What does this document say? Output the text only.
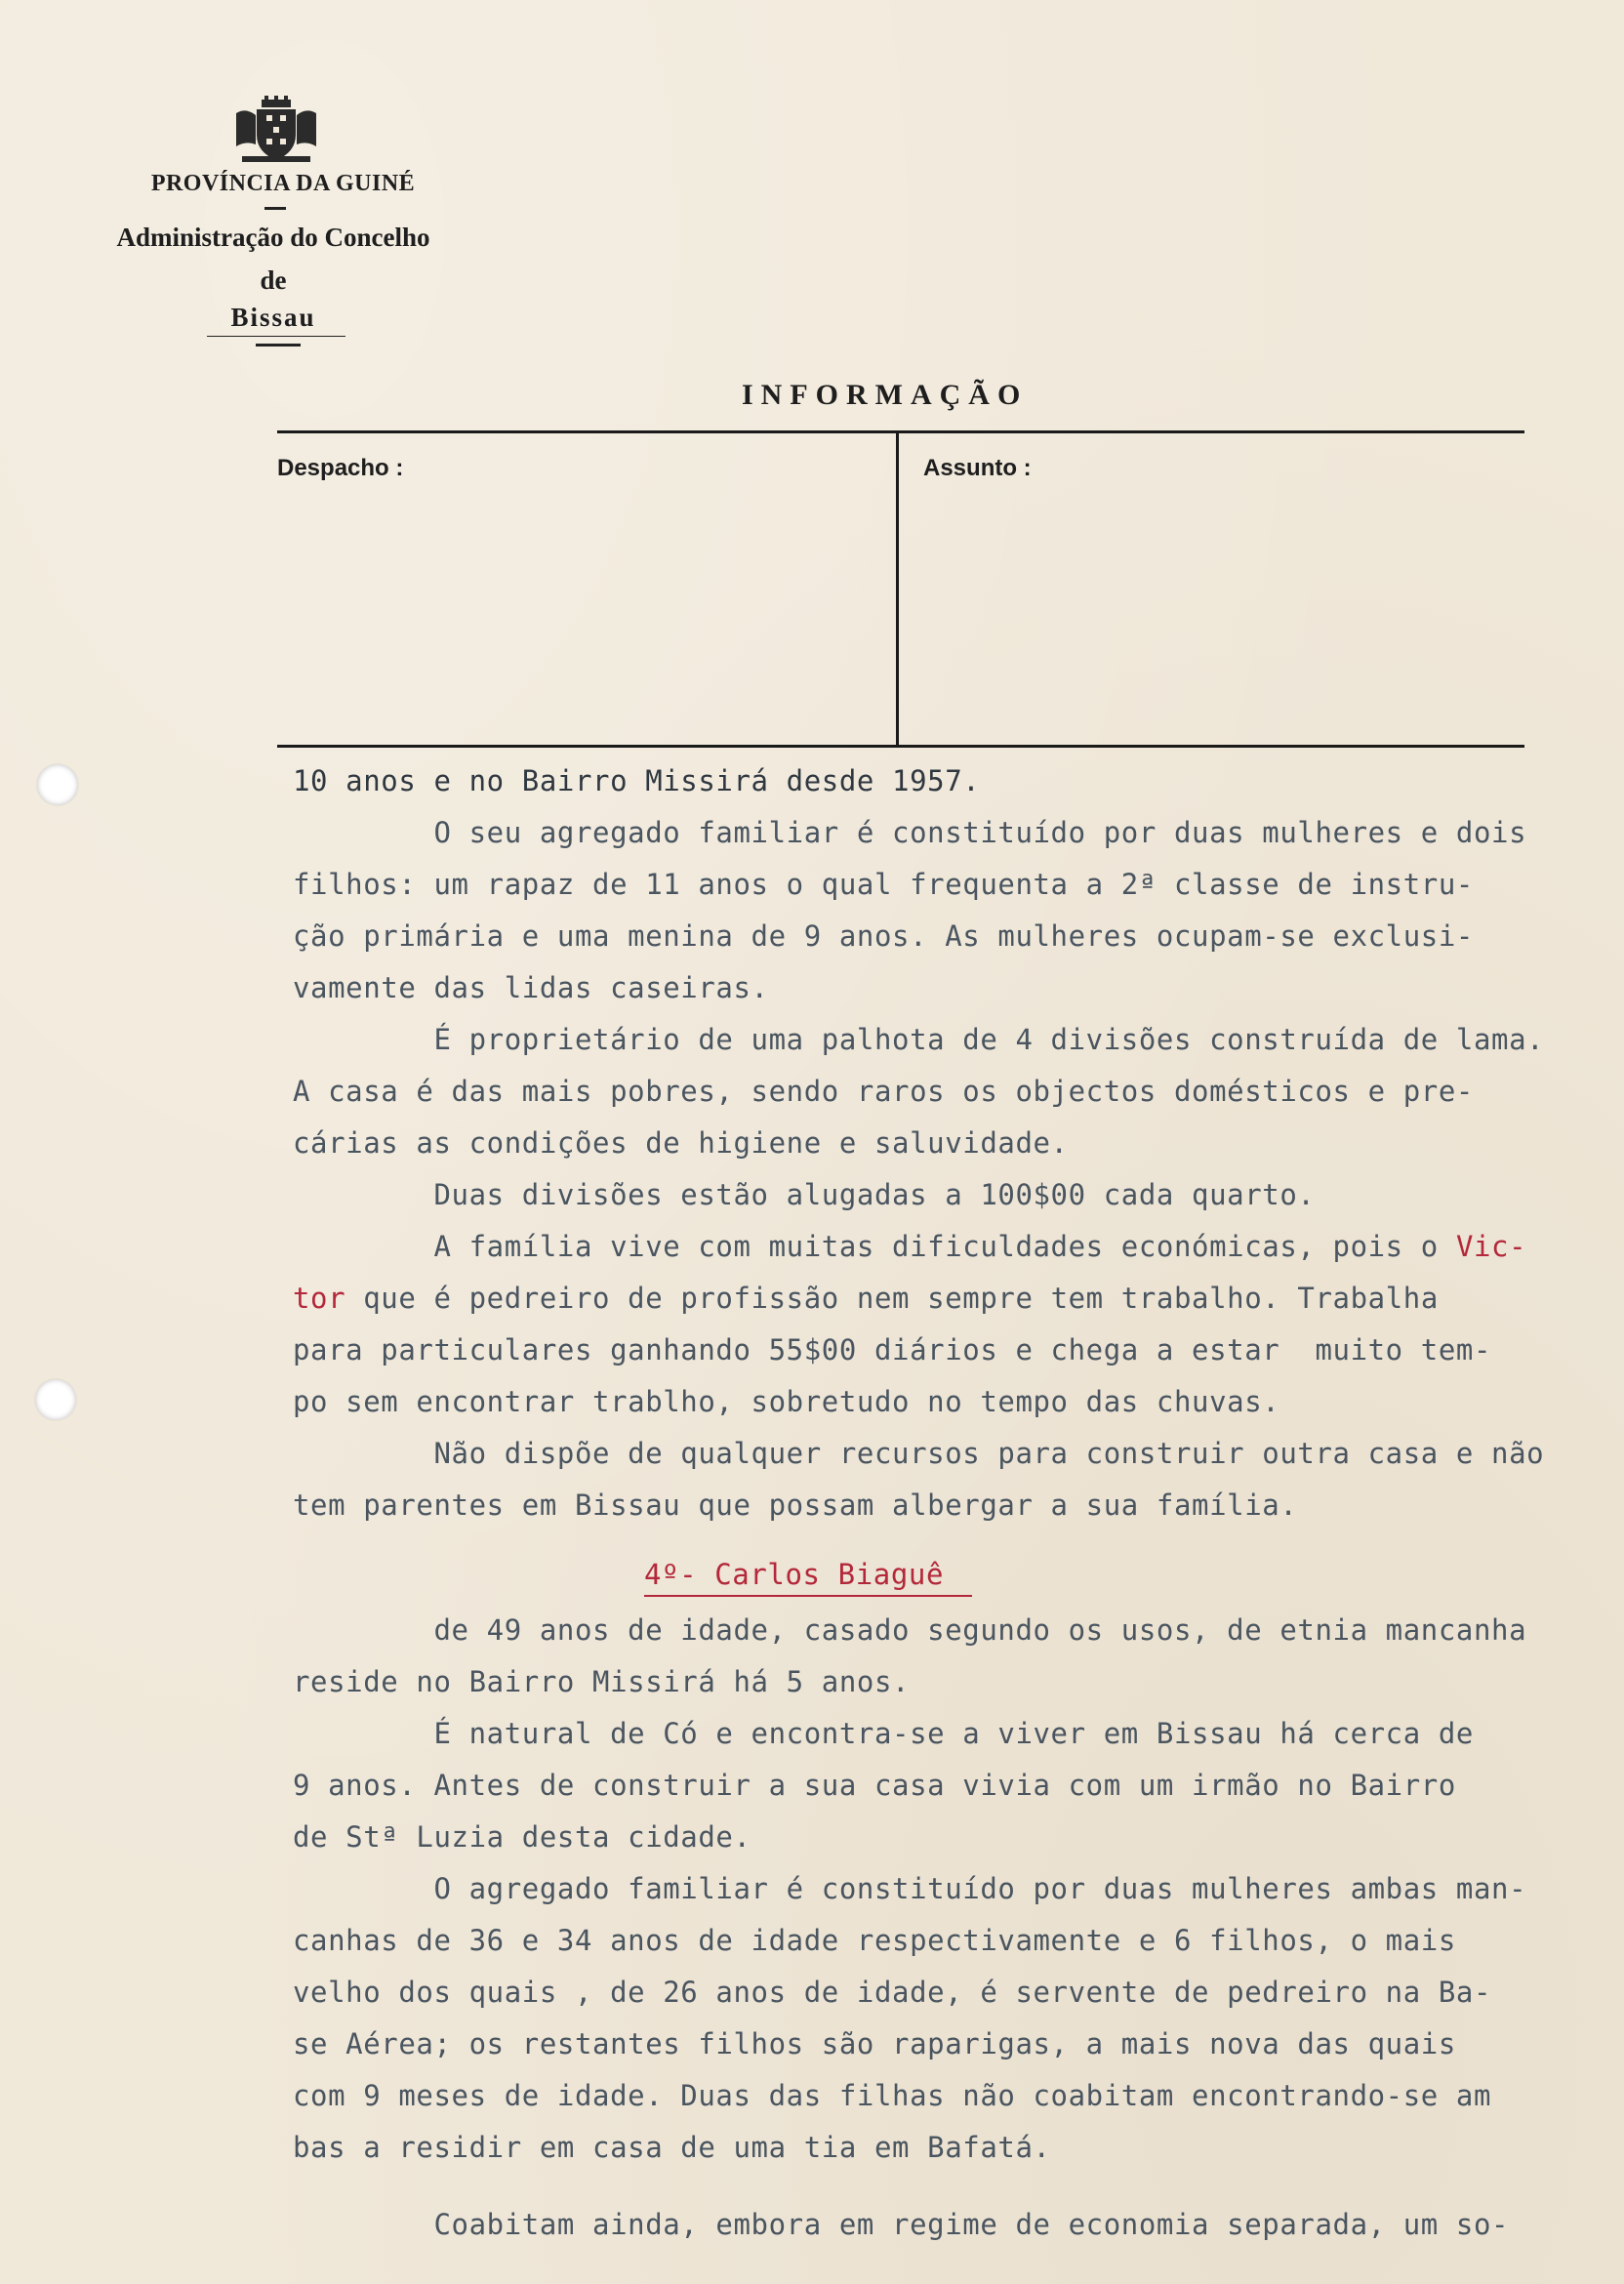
PROVÍNCIA DA GUINÉ
Administração do Concelho
de
Bissau
INFORMAÇÃO
Despacho :	Assunto :
10 anos e no Bairro Missirá desde 1957.
O seu agregado familiar é constituído por duas mulheres e dois
filhos: um rapaz de 11 anos o qual frequenta a 2ª classe de instru-
ção primária e uma menina de 9 anos. As mulheres ocupam-se exclusi-
vamente das lidas caseiras.
É proprietário de uma palhota de 4 divisões construída de lama.
A casa é das mais pobres, sendo raros os objectos domésticos e pre-
cárias as condições de higiene e saluvidade.
Duas divisões estão alugadas a 100$00 cada quarto.
A família vive com muitas dificuldades económicas, pois o Vic-
tor que é pedreiro de profissão nem sempre tem trabalho. Trabalha
para particulares ganhando 55$00 diários e chega a estar  muito tem-
po sem encontrar trablho, sobretudo no tempo das chuvas.
Não dispõe de qualquer recursos para construir outra casa e não
tem parentes em Bissau que possam albergar a sua família.
4º- Carlos Biaguê
de 49 anos de idade, casado segundo os usos, de etnia mancanha
reside no Bairro Missirá há 5 anos.
É natural de Có e encontra-se a viver em Bissau há cerca de
9 anos. Antes de construir a sua casa vivia com um irmão no Bairro
de Stª Luzia desta cidade.
O agregado familiar é constituído por duas mulheres ambas man-
canhas de 36 e 34 anos de idade respectivamente e 6 filhos, o mais
velho dos quais , de 26 anos de idade, é servente de pedreiro na Ba-
se Aérea; os restantes filhos são raparigas, a mais nova das quais
com 9 meses de idade. Duas das filhas não coabitam encontrando-se am
bas a residir em casa de uma tia em Bafatá.
Coabitam ainda, embora em regime de economia separada, um so-
